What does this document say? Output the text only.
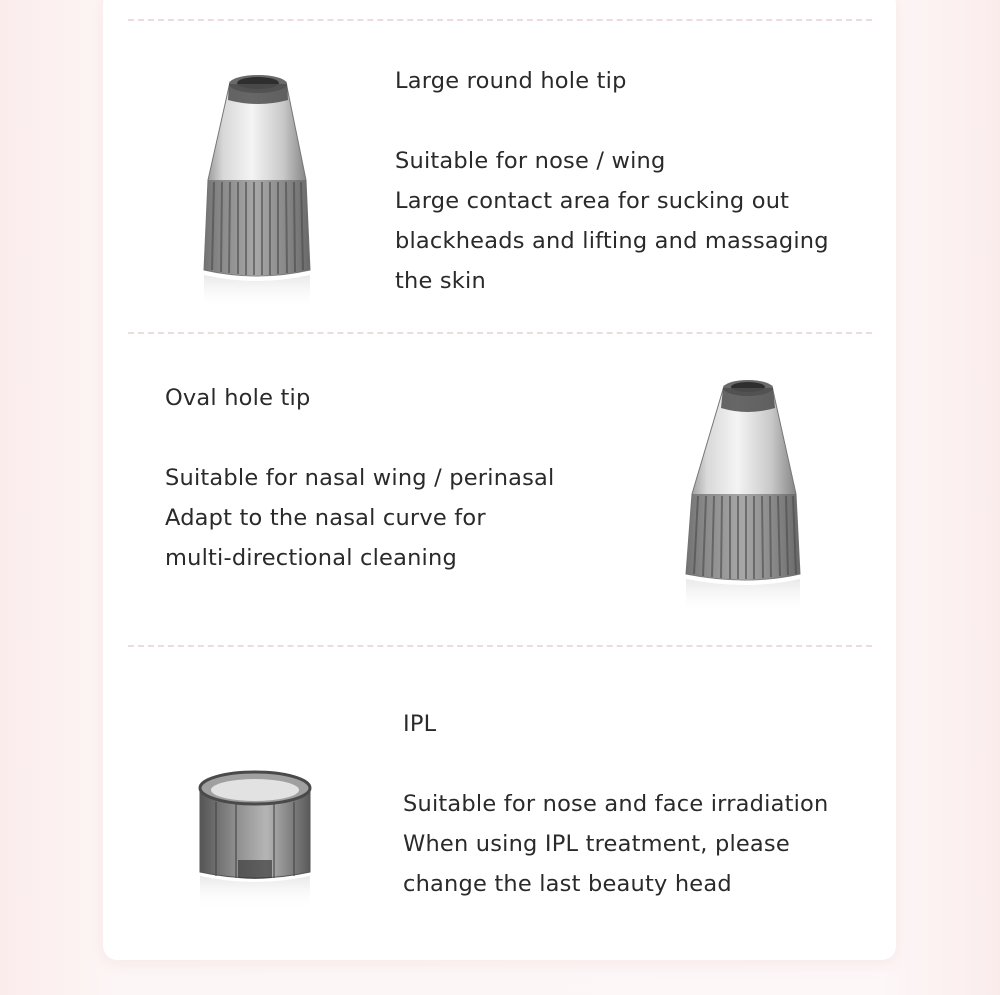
Large round hole tip
Suitable for nose / wing
Large contact area for sucking out
blackheads and lifting and massaging
the skin
Oval hole tip
Suitable for nasal wing / perinasal
Adapt to the nasal curve for
multi-directional cleaning
IPL
Suitable for nose and face irradiation
When using IPL treatment, please
change the last beauty head
